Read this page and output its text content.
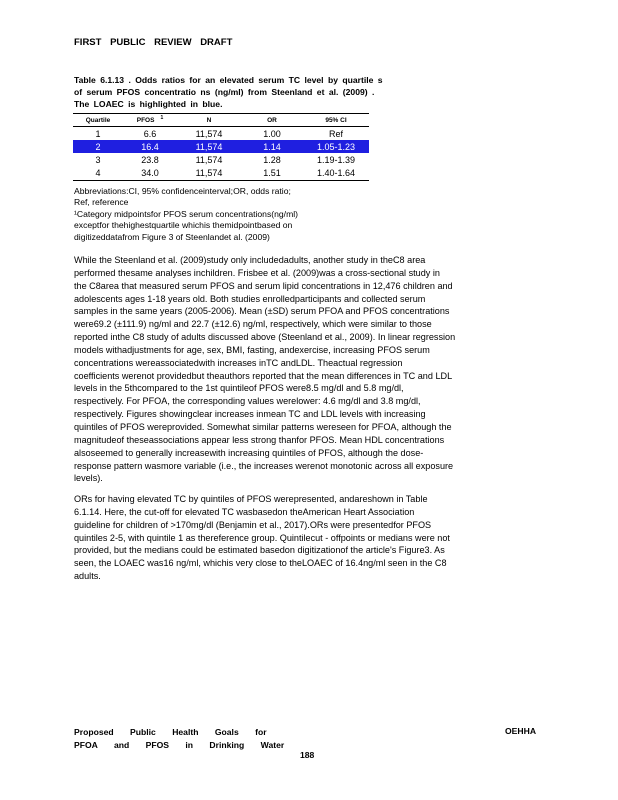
FIRST PUBLIC REVIEW DRAFT
Table 6.1.13 . Odds ratios for an elevated serum TC level by quartile s
of serum PFOS concentratio ns (ng/ml) from Steenland et al. (2009) .
The LOAEC is highlighted in blue.
Quartile	PFOS $^1$	N	OR	95% CI
1	6.6	11,574	1.00	Ref
2	16.4	11,574	1.14	1.05-1.23
3	23.8	11,574	1.28	1.19-1.39
4	34.0	11,574	1.51	1.40-1.64
Abbreviations:CI, 95% confidenceinterval;OR, odds ratio;
Ref, reference
¹Category midpointsfor PFOS serum concentrations(ng/ml)
exceptfor thehighestquartile whichis themidpointbased on
digitizeddatafrom Figure 3 of Steenlandet al. (2009)
While the Steenland et al. (2009)study only includedadults, another study in theC8 area
performed thesame analyses inchildren. Frisbee et al. (2009)was a cross-sectional study in
the C8area that measured serum PFOS and serum lipid concentrations in 12,476 children and
adolescents ages 1-18 years old. Both studies enrolledparticipants and collected serum
samples in the same years (2005-2006). Mean (±SD) serum PFOA and PFOS concentrations
were69.2 (±111.9) ng/ml and 22.7 (±12.6) ng/ml, respectively, which were similar to those
reported inthe C8 study of adults discussed above (Steenland et al., 2009). In linear regression
models withadjustments for age, sex, BMI, fasting, andexercise, increasing PFOS serum
concentrations wereassociatedwith increases inTC andLDL. Theactual regression
coefficients werenot providedbut theauthors reported that the mean differences in TC and LDL
levels in the 5thcompared to the 1st quintileof PFOS were8.5 mg/dl and 5.8 mg/dl,
respectively. For PFOA, the corresponding values werelower: 4.6 mg/dl and 3.8 mg/dl,
respectively. Figures showingclear increases inmean TC and LDL levels with increasing
quintiles of PFOS wereprovided. Somewhat similar patterns wereseen for PFOA, although the
magnitudeof theseassociations appear less strong thanfor PFOS. Mean HDL concentrations
alsoseemed to generally increasewith increasing quintiles of PFOS, although the dose-
response pattern wasmore variable (i.e., the increases werenot monotonic across all exposure
levels).
ORs for having elevated TC by quintiles of PFOS werepresented, andareshown in Table
6.1.14. Here, the cut-off for elevated TC wasbasedon theAmerican Heart Association
guideline for children of >170mg/dl (Benjamin et al., 2017).ORs were presentedfor PFOS
quintiles 2-5, with quintile 1 as thereference group. Quintilecut - offpoints or medians were not
provided, but the medians could be estimated basedon digitizationof the article's Figure3. As
seen, the LOAEC was16 ng/ml, whichis very close to theLOAEC of 16.4ng/ml seen in the C8
adults.
Proposed Public Health Goals for
PFOA and PFOS in Drinking Water
OEHHA
188
